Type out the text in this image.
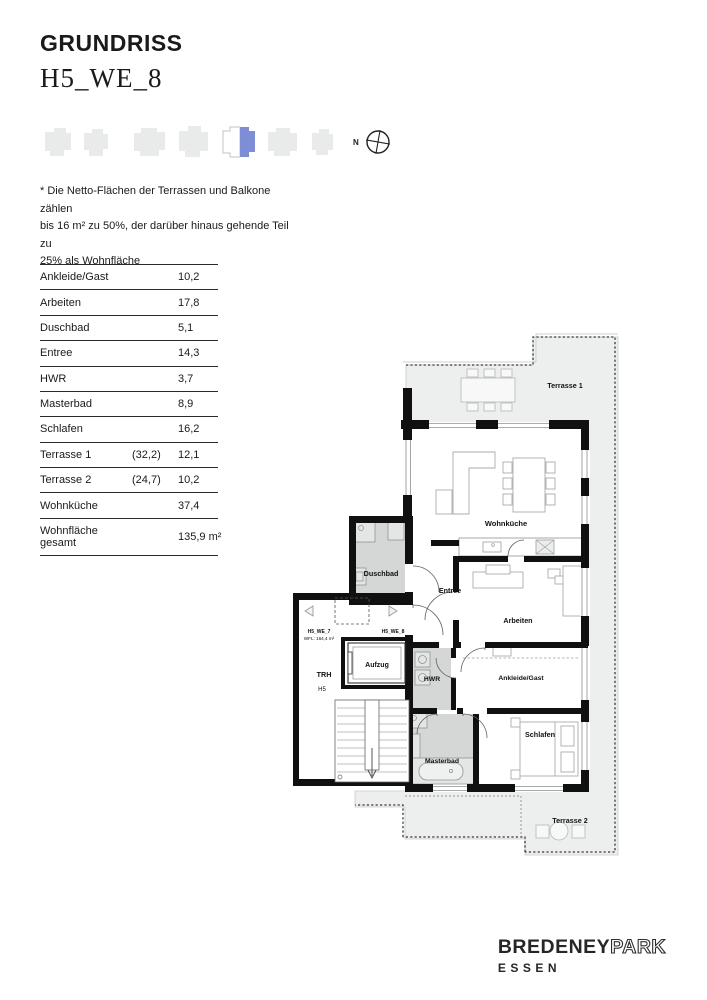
GRUNDRISS
H5_WE_8
N
* Die Netto-Flächen der Terrassen und Balkone zählen
bis 16 m² zu 50%, der darüber hinaus gehende Teil zu
25% als Wohnfläche
Ankleide/Gast	10,2
Arbeiten	17,8
Duschbad	5,1
Entree	14,3
HWR	3,7
Masterbad	8,9
Schlafen	16,2
Terrasse 1	(32,2)	12,1
Terrasse 2	(24,7)	10,2
Wohnküche	37,4
Wohnfläche gesamt	135,9 m²
Terrasse 1
Wohnküche
Duschbad
Entree
Arbeiten
Ankleide/Gast
HWR
Schlafen
Masterbad
Terrasse 2
TRH
H5
Aufzug
H5_WE_7
WFL: 164,4 m²
H5_WE_8
WFL: 135,9 m²
BREDENEYPARK
ESSEN
